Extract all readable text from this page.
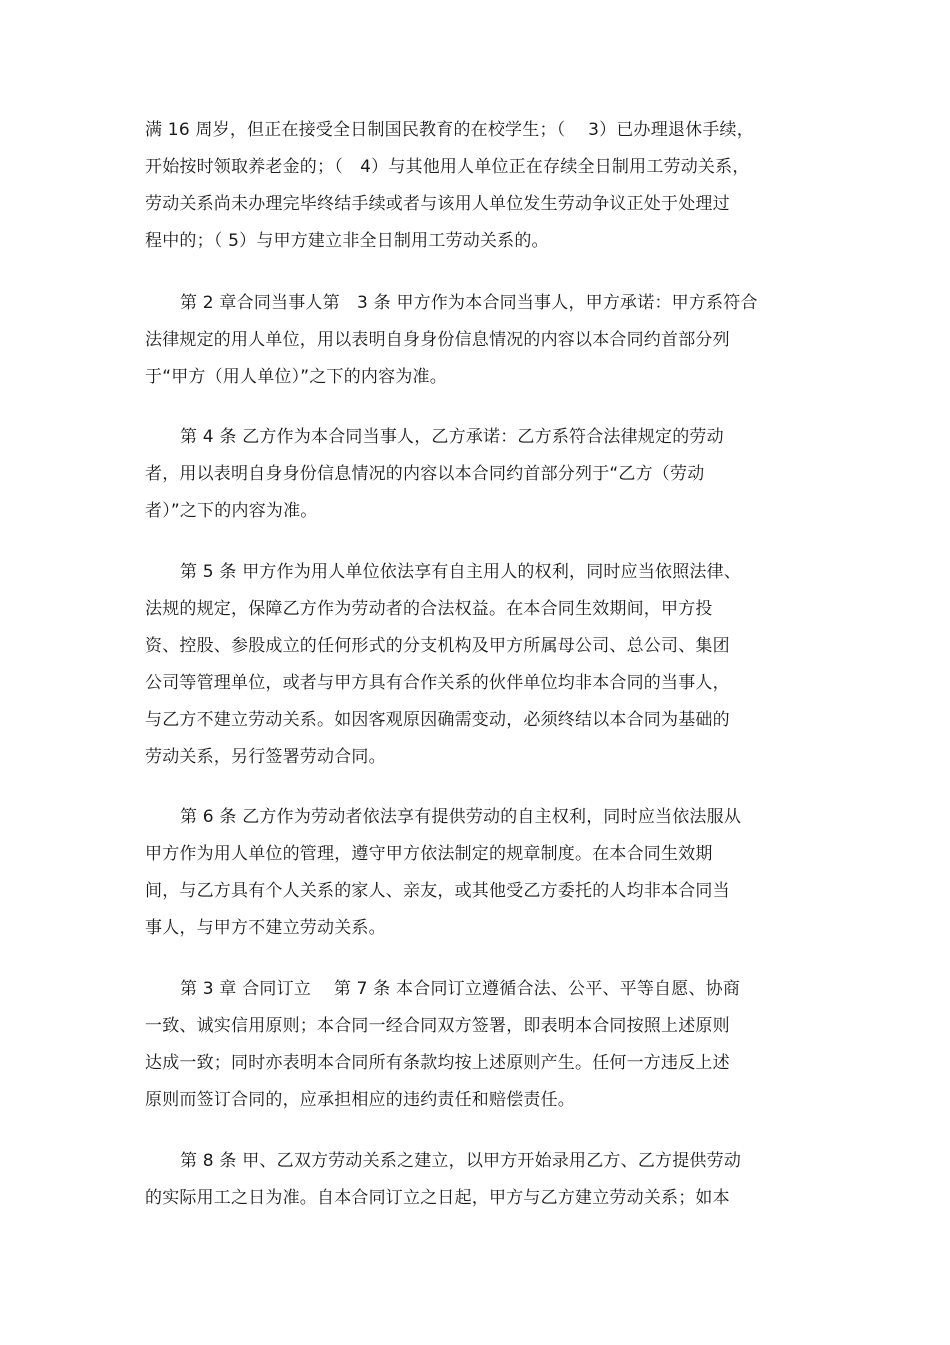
满 16 周岁，但正在接受全日制国民教育的在校学生；（　 3）已办理退休手续，
开始按时领取养老金的；（　4）与其他用人单位正在存续全日制用工劳动关系，
劳动关系尚未办理完毕终结手续或者与该用人单位发生劳动争议正处于处理过
程中的；（ 5）与甲方建立非全日制用工劳动关系的。
第 2 章合同当事人第　3 条 甲方作为本合同当事人，甲方承诺：甲方系符合
法律规定的用人单位，用以表明自身身份信息情况的内容以本合同约首部分列
于“甲方（用人单位）”之下的内容为准。
第 4 条 乙方作为本合同当事人，乙方承诺：乙方系符合法律规定的劳动
者，用以表明自身身份信息情况的内容以本合同约首部分列于“乙方（劳动
者）”之下的内容为准。
第 5 条 甲方作为用人单位依法享有自主用人的权利，同时应当依照法律、
法规的规定，保障乙方作为劳动者的合法权益。在本合同生效期间，甲方投
资、控股、参股成立的任何形式的分支机构及甲方所属母公司、总公司、集团
公司等管理单位，或者与甲方具有合作关系的伙伴单位均非本合同的当事人，
与乙方不建立劳动关系。如因客观原因确需变动，必须终结以本合同为基础的
劳动关系，另行签署劳动合同。
第 6 条 乙方作为劳动者依法享有提供劳动的自主权利，同时应当依法服从
甲方作为用人单位的管理，遵守甲方依法制定的规章制度。在本合同生效期
间，与乙方具有个人关系的家人、亲友，或其他受乙方委托的人均非本合同当
事人，与甲方不建立劳动关系。
第 3 章 合同订立　 第 7 条 本合同订立遵循合法、公平、平等自愿、协商
一致、诚实信用原则；本合同一经合同双方签署，即表明本合同按照上述原则
达成一致；同时亦表明本合同所有条款均按上述原则产生。任何一方违反上述
原则而签订合同的，应承担相应的违约责任和赔偿责任。
第 8 条 甲、乙双方劳动关系之建立，以甲方开始录用乙方、乙方提供劳动
的实际用工之日为准。自本合同订立之日起，甲方与乙方建立劳动关系；如本
